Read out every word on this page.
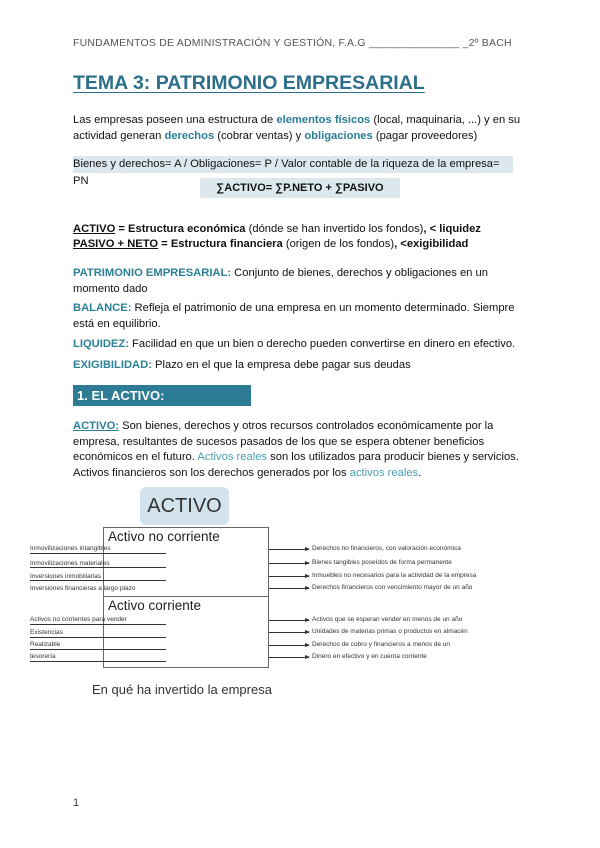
FUNDAMENTOS DE ADMINISTRACIÓN Y GESTIÓN, F.A.G _______________ _2º BACH
TEMA 3: PATRIMONIO EMPRESARIAL
Las empresas poseen una estructura de elementos físicos (local, maquinaria, ...) y en su actividad generan derechos (cobrar ventas) y obligaciones (pagar proveedores)
Bienes y derechos= A / Obligaciones= P / Valor contable de la riqueza de la empresa= PN
∑ACTIVO= ∑P.NETO + ∑PASIVO
ACTIVO = Estructura económica (dónde se han invertido los fondos), < liquidez
PASIVO + NETO = Estructura financiera (origen de los fondos), <exigibilidad
PATRIMONIO EMPRESARIAL: Conjunto de bienes, derechos y obligaciones en un momento dado
BALANCE: Refleja el patrimonio de una empresa en un momento determinado. Siempre está en equilibrio.
LIQUIDEZ: Facilidad en que un bien o derecho pueden convertirse en dinero en efectivo.
EXIGIBILIDAD: Plazo en el que la empresa debe pagar sus deudas
1. EL ACTIVO:
ACTIVO: Son bienes, derechos y otros recursos controlados económicamente por la empresa, resultantes de sucesos pasados de los que se espera obtener beneficios económicos en el futuro. Activos reales son los utilizados para producir bienes y servicios. Activos financieros son los derechos generados por los activos reales.
ACTIVO
Activo no corriente
Inmovilizaciones intangibles
Inmovilizaciones materiales
Inversiones inmobiliarias
Inversiones financieras a largo plazo
Derechos no financieros, con valoración económica
Bienes tangibles poseídos de forma permanente
Inmuebles no necesarios para la actividad de la empresa
Derechos financieros con vencimiento mayor de un año
Activo corriente
Activos no corrientes para vender
Existencias
Realizable
tesorería
Activos que se esperan vender en menos de un año
Unidades de materias primas o productos en almacén
Derechos de cobro y financieros a menos de un
Dinero en efectivo y en cuenta corriente
En qué ha invertido la empresa
1
